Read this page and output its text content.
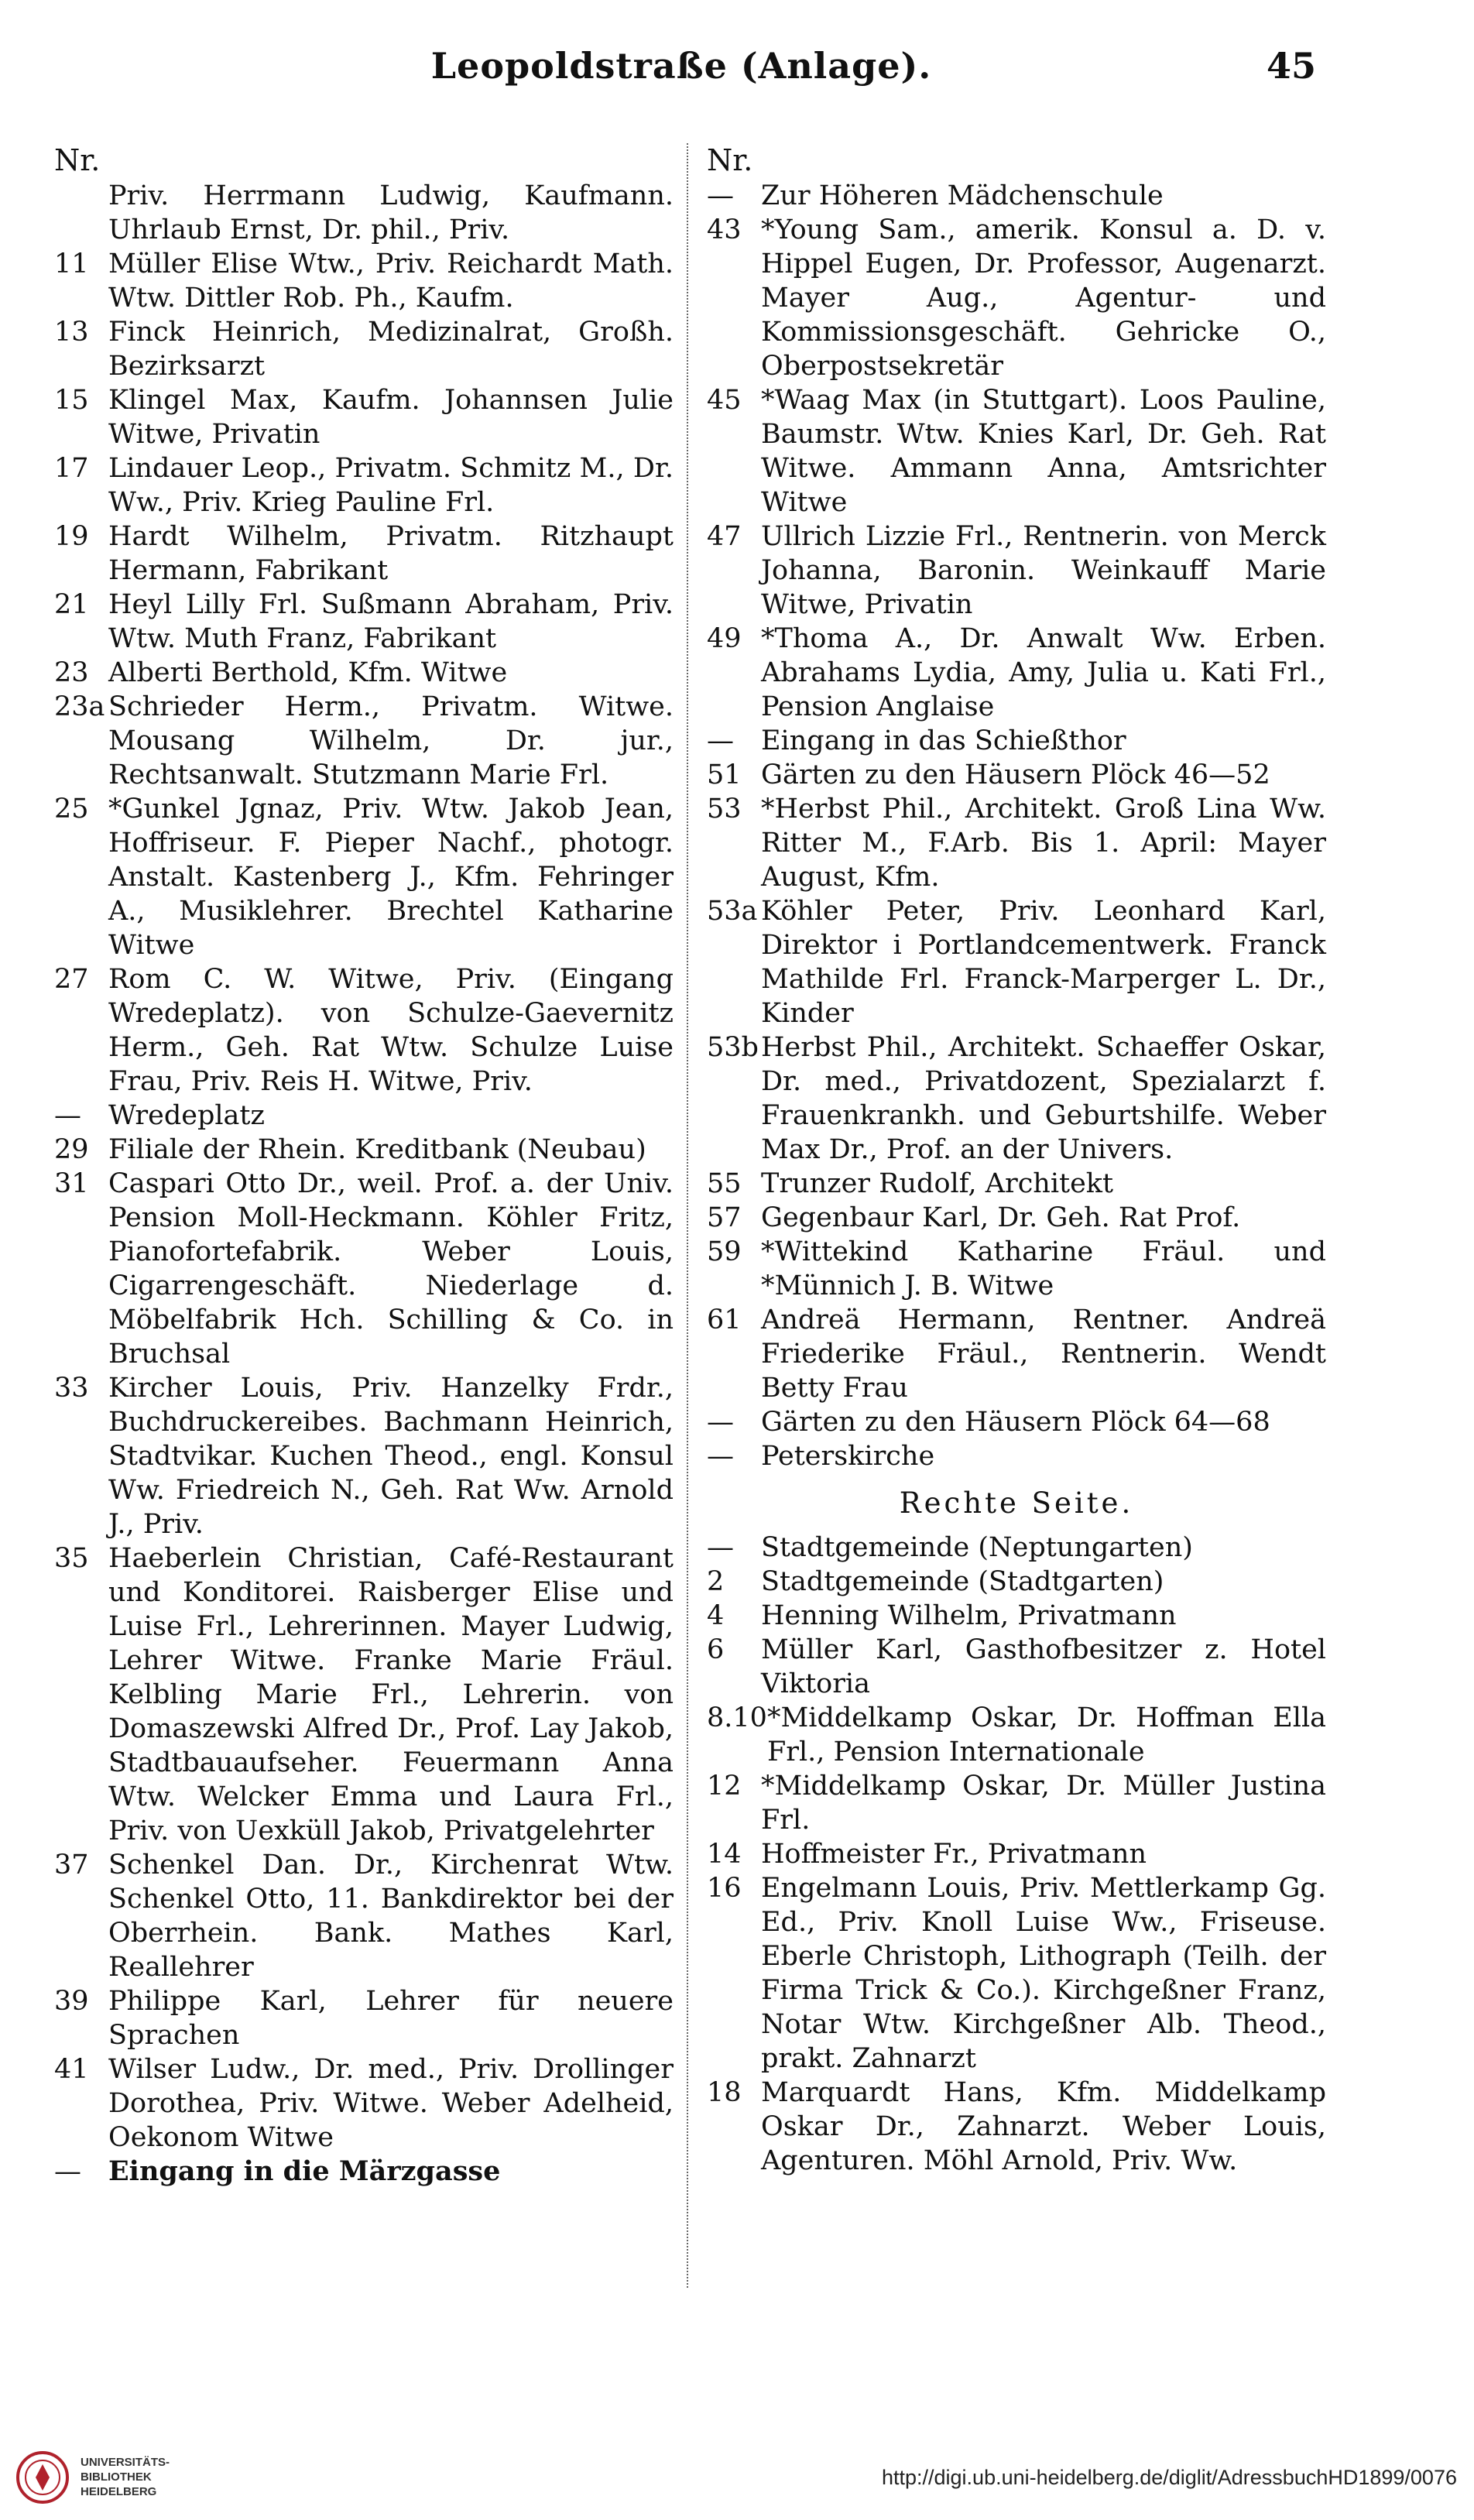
Leopoldstraße (Anlage).	45
Nr.
Priv. Herrmann Ludwig, Kaufmann. Uhrlaub Ernst, Dr. phil., Priv.
11 Müller Elise Wtw., Priv. Reichardt Math. Wtw. Dittler Rob. Ph., Kaufm.
13 Finck Heinrich, Medizinalrat, Großh. Bezirksarzt
15 Klingel Max, Kaufm. Johannsen Julie Witwe, Privatin
17 Lindauer Leop., Privatm. Schmitz M., Dr. Ww., Priv. Krieg Pauline Frl.
19 Hardt Wilhelm, Privatm. Ritzhaupt Hermann, Fabrikant
21 Heyl Lilly Frl. Sußmann Abraham, Priv. Wtw. Muth Franz, Fabrikant
23 Alberti Berthold, Kfm. Witwe
23a Schrieder Herm., Privatm. Witwe. Mousang Wilhelm, Dr. jur., Rechtsanwalt. Stutzmann Marie Frl.
25 *Gunkel Jgnaz, Priv. Wtw. Jakob Jean, Hoffriseur. F. Pieper Nachf., photogr. Anstalt. Kastenberg J., Kfm. Fehringer A., Musiklehrer. Brechtel Katharine Witwe
27 Rom C. W. Witwe, Priv. (Eingang Wredeplatz). von Schulze-Gaevernitz Herm., Geh. Rat Wtw. Schulze Luise Frau, Priv. Reis H. Witwe, Priv.
—	Wredeplatz
29 Filiale der Rhein. Kreditbank (Neubau)
31 Caspari Otto Dr., weil. Prof. a. der Univ. Pension Moll-Heckmann. Köhler Fritz, Pianofortefabrik. Weber Louis, Cigarrengeschäft. Niederlage d. Möbelfabrik Hch. Schilling & Co. in Bruchsal
33 Kircher Louis, Priv. Hanzelky Frdr., Buchdruckereibes. Bachmann Heinrich, Stadtvikar. Kuchen Theod., engl. Konsul Ww. Friedreich N., Geh. Rat Ww. Arnold J., Priv.
35 Haeberlein Christian, Café-Restaurant und Konditorei. Raisberger Elise und Luise Frl., Lehrerinnen. Mayer Ludwig, Lehrer Witwe. Franke Marie Fräul. Kelbling Marie Frl., Lehrerin. von Domaszewski Alfred Dr., Prof. Lay Jakob, Stadtbauaufseher. Feuermann Anna Wtw. Welcker Emma und Laura Frl., Priv. von Uexküll Jakob, Privatgelehrter
37 Schenkel Dan. Dr., Kirchenrat Wtw. Schenkel Otto, 11. Bankdirektor bei der Oberrhein. Bank. Mathes Karl, Reallehrer
39 Philippe Karl, Lehrer für neuere Sprachen
41 Wilser Ludw., Dr. med., Priv. Drollinger Dorothea, Priv. Witwe. Weber Adelheid, Oekonom Witwe
—	Eingang in die Märzgasse
Nr.
—	Zur Höheren Mädchenschule
43 *Young Sam., amerik. Konsul a. D. v. Hippel Eugen, Dr. Professor, Augenarzt. Mayer Aug., Agentur- und Kommissionsgeschäft. Gehricke O., Oberpostsekretär
45 *Waag Max (in Stuttgart). Loos Pauline, Baumstr. Wtw. Knies Karl, Dr. Geh. Rat Witwe. Ammann Anna, Amtsrichter Witwe
47 Ullrich Lizzie Frl., Rentnerin. von Merck Johanna, Baronin. Weinkauff Marie Witwe, Privatin
49 *Thoma A., Dr. Anwalt Ww. Erben. Abrahams Lydia, Amy, Julia u. Kati Frl., Pension Anglaise
—	Eingang in das Schießthor
51 Gärten zu den Häusern Plöck 46—52
53 *Herbst Phil., Architekt. Groß Lina Ww. Ritter M., F.Arb. Bis 1. April: Mayer August, Kfm.
53a Köhler Peter, Priv. Leonhard Karl, Direktor i Portlandcementwerk. Franck Mathilde Frl. Franck-Marperger L. Dr., Kinder
53b Herbst Phil., Architekt. Schaeffer Oskar, Dr. med., Privatdozent, Spezialarzt f. Frauenkrankh. und Geburtshilfe. Weber Max Dr., Prof. an der Univers.
55 Trunzer Rudolf, Architekt
57 Gegenbaur Karl, Dr. Geh. Rat Prof.
59 *Wittekind Katharine Fräul. und *Münnich J. B. Witwe
61 Andreä Hermann, Rentner. Andreä Friederike Fräul., Rentnerin. Wendt Betty Frau
—	Gärten zu den Häusern Plöck 64—68
—	Peterskirche
Rechte Seite.
—	Stadtgemeinde (Neptungarten)
2	Stadtgemeinde (Stadtgarten)
4	Henning Wilhelm, Privatmann
6	Müller Karl, Gasthofbesitzer z. Hotel Viktoria
8.10 *Middelkamp Oskar, Dr. Hoffman Ella Frl., Pension Internationale
12 *Middelkamp Oskar, Dr. Müller Justina Frl.
14 Hoffmeister Fr., Privatmann
16 Engelmann Louis, Priv. Mettlerkamp Gg. Ed., Priv. Knoll Luise Ww., Friseuse. Eberle Christoph, Lithograph (Teilh. der Firma Trick & Co.). Kirchgeßner Franz, Notar Wtw. Kirchgeßner Alb. Theod., prakt. Zahnarzt
18 Marquardt Hans, Kfm. Middelkamp Oskar Dr., Zahnarzt. Weber Louis, Agenturen. Möhl Arnold, Priv. Ww.
UNIVERSITÄTS-
BIBLIOTHEK
HEIDELBERG
http://digi.ub.uni-heidelberg.de/diglit/AdressbuchHD1899/0076
